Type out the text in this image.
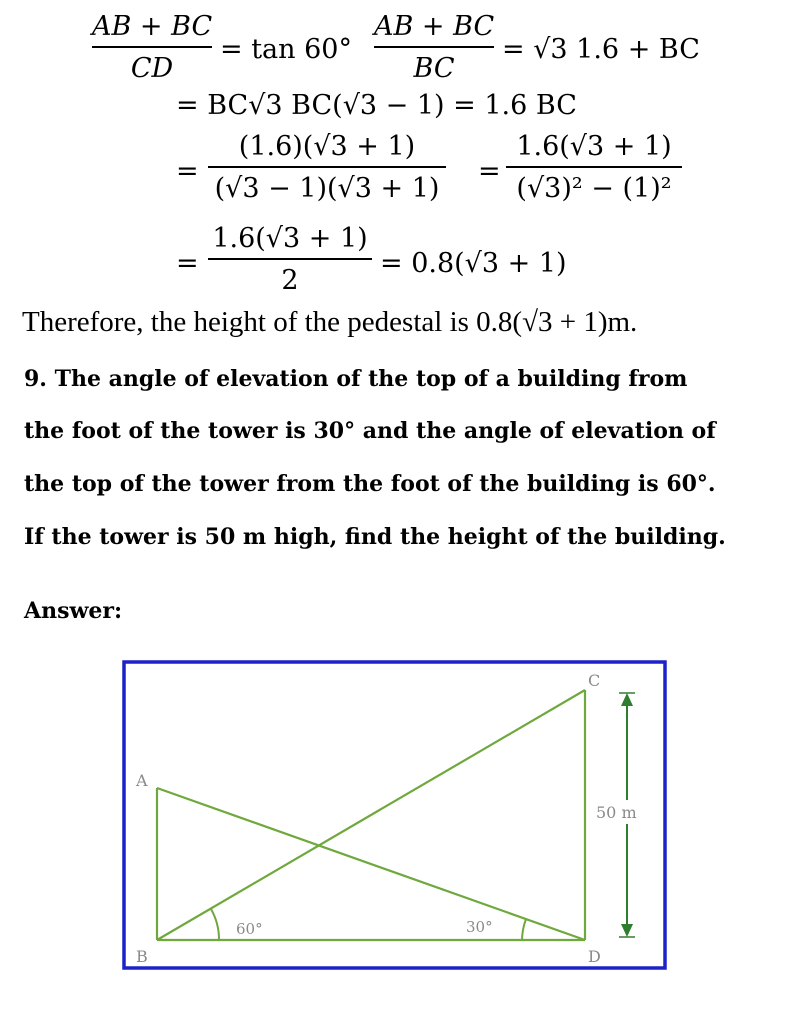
AB + BC
CD
= tan 60°
AB + BC
BC
= √3 1.6 + BC
= BC√3 BC(√3 − 1) = 1.6 BC
=
(1.6)(√3 + 1)
(√3 − 1)(√3 + 1)
=
1.6(√3 + 1)
(√3)² − (1)²
=
1.6(√3 + 1)
2
= 0.8(√3 + 1)
Therefore, the height of the pedestal is 0.8(√3 + 1)m.
9. The angle of elevation of the top of a building from
the foot of the tower is 30° and the angle of elevation of
the top of the tower from the foot of the building is 60°.
If the tower is 50 m high, find the height of the building.
Answer:
A
B
C
D
60°	30°
50 m
